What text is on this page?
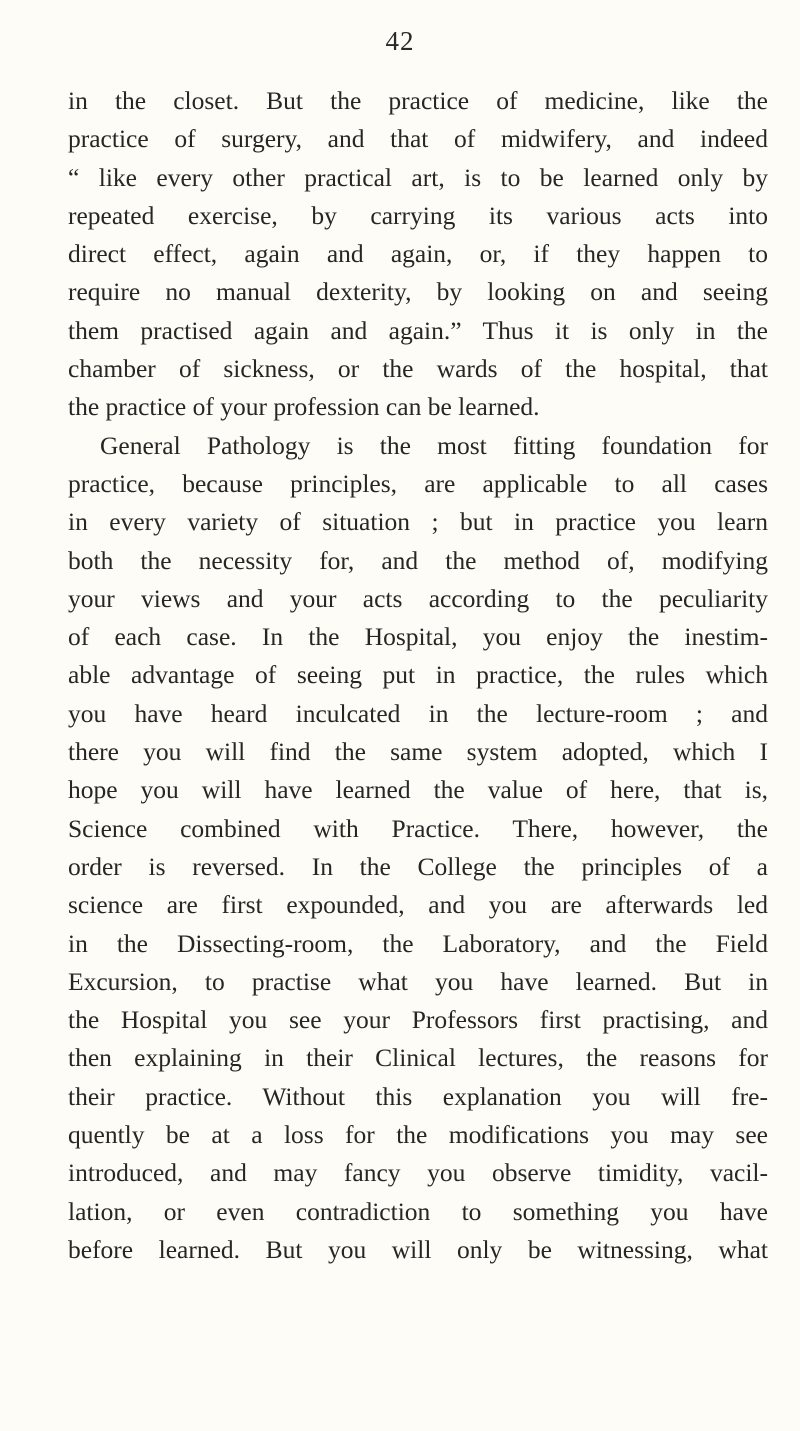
42
in the closet. But the practice of medicine, like the
practice of surgery, and that of midwifery, and indeed
“ like every other practical art, is to be learned only by
repeated exercise, by carrying its various acts into
direct effect, again and again, or, if they happen to
require no manual dexterity, by looking on and seeing
them practised again and again.” Thus it is only in the
chamber of sickness, or the wards of the hospital, that
the practice of your profession can be learned.
General Pathology is the most fitting foundation for
practice, because principles, are applicable to all cases
in every variety of situation ; but in practice you learn
both the necessity for, and the method of, modifying
your views and your acts according to the peculiarity
of each case. In the Hospital, you enjoy the inestim-
able advantage of seeing put in practice, the rules which
you have heard inculcated in the lecture-room ; and
there you will find the same system adopted, which I
hope you will have learned the value of here, that is,
Science combined with Practice. There, however, the
order is reversed. In the College the principles of a
science are first expounded, and you are afterwards led
in the Dissecting-room, the Laboratory, and the Field
Excursion, to practise what you have learned. But in
the Hospital you see your Professors first practising, and
then explaining in their Clinical lectures, the reasons for
their practice. Without this explanation you will fre-
quently be at a loss for the modifications you may see
introduced, and may fancy you observe timidity, vacil-
lation, or even contradiction to something you have
before learned. But you will only be witnessing, what
